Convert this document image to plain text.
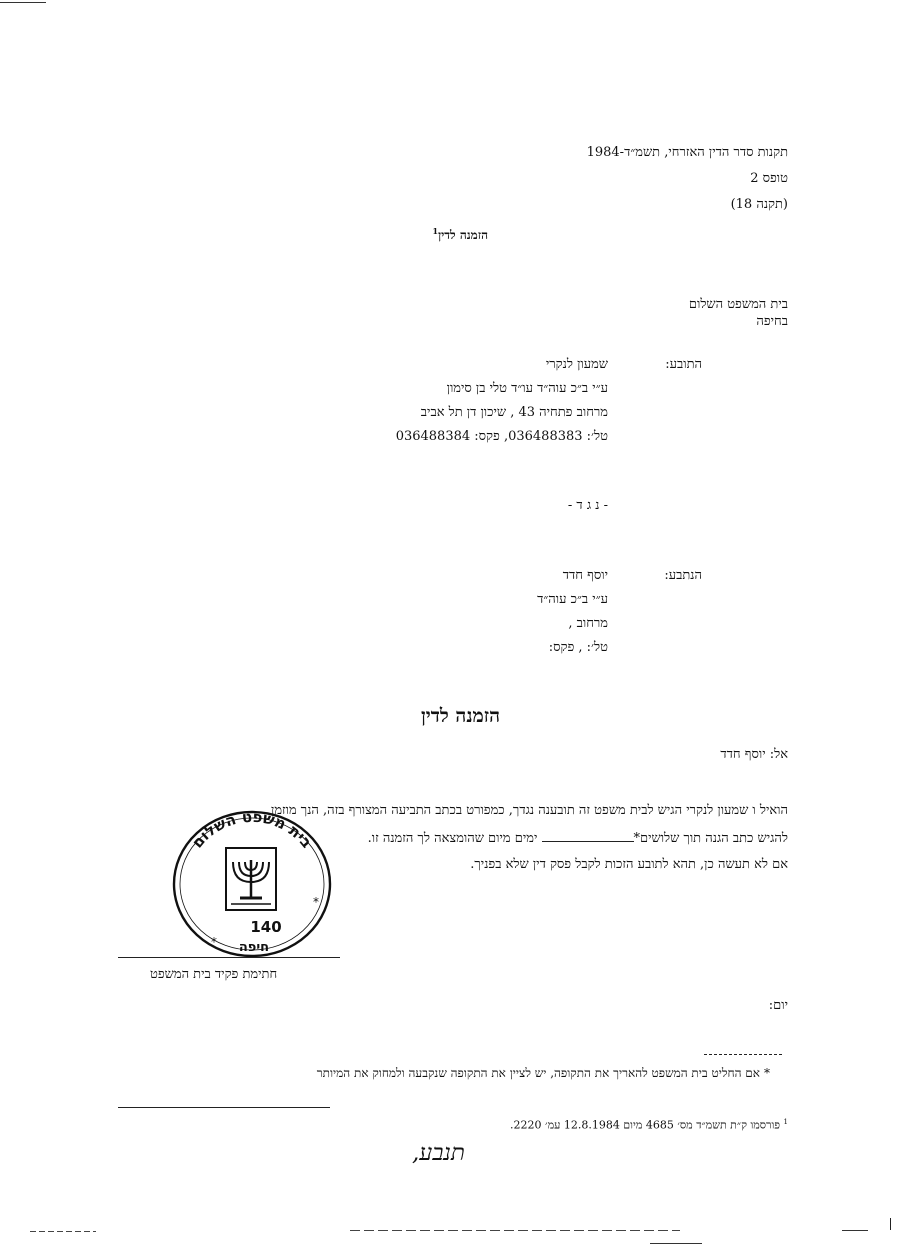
תקנות סדר הדין האזרחי, תשמ״ד-1984
טופס 2
(תקנה 18)
הזמנה לדין$^1$
בית המשפט השלום
בחיפה
התובע:
שמעון לנקרי
ע״י ב״כ עוה״ד עו״ד טלי בן סימון
מרחוב פתחיה 43 , שיכון דן תל אביב
טל׳: 036488383, פקס: 036488384
- נ ג ד -
הנתבע:
יוסף חדד
ע״י ב״כ עוה״ד
מרחוב ,
טל׳: , פקס:
הזמנה לדין
אל: יוסף חדד
הואיל ו שמעון לנקרי הגיש לבית משפט זה תובענה נגדך, כמפורט בכתב התביעה המצורף בזה, הנך מוזמן
להגיש כתב הגנה תוך שלושים* ימים מיום שהומצאה לך הזמנה זו.
אם לא תעשה כן, תהא לתובע הזכות לקבל פסק דין שלא בפניך.
בית משפט השלום
140
חיפה
*
*
חתימת פקיד בית המשפט
יום:
אם החליט בית המשפט להאריך את התקופה, יש לציין את התקופה שנקבעה ולמחוק את המיותר *
$^1$ פורסמו ק״ת תשמ״ד מס׳ 4685 מיום 12.8.1984 עמ׳ 2220.
תנבע,
